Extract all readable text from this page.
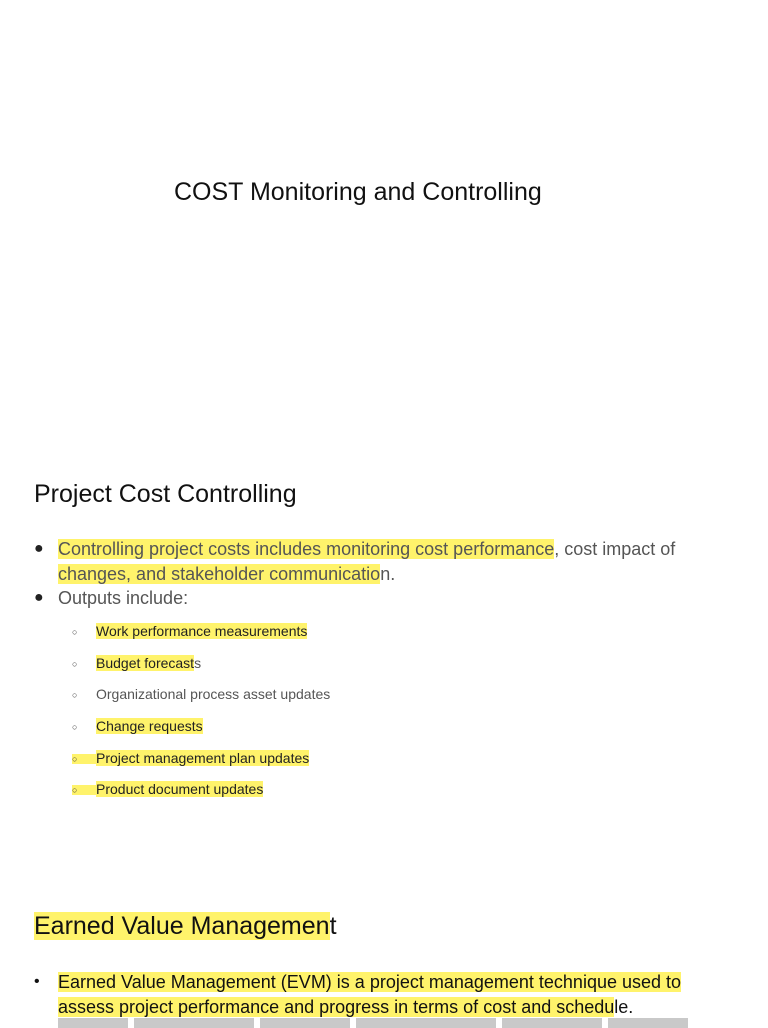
COST Monitoring and Controlling
Project Cost Controlling
● Controlling project costs includes monitoring cost performance, cost impact of
changes, and stakeholder communication.
● Outputs include:
○ Work performance measurements
○ Budget forecasts
○ Organizational process asset updates
○ Change requests
○ Project management plan updates
○ Product document updates
Earned Value Management
• Earned Value Management (EVM) is a project management technique used to
assess project performance and progress in terms of cost and schedule.
